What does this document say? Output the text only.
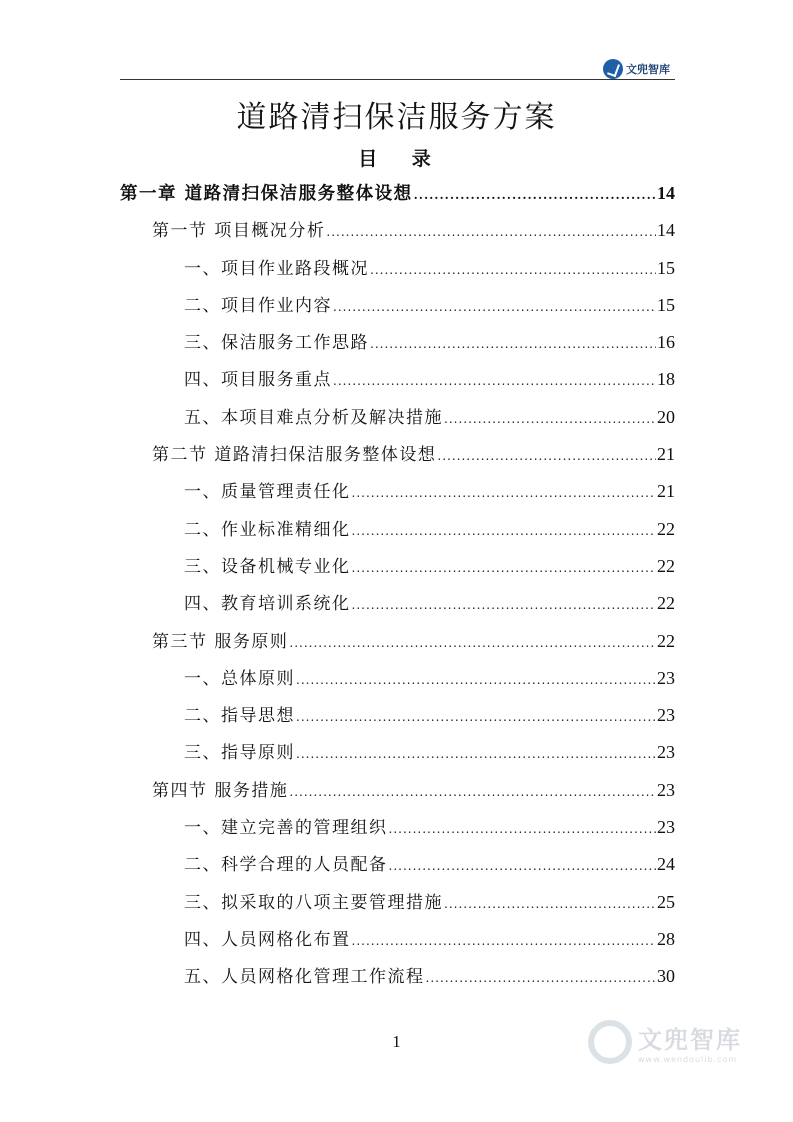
文兜智库
道路清扫保洁服务方案
目 录
第一章 道路清扫保洁服务整体设想 .....	14
第一节 项目概况分析 .....	14
一、项目作业路段概况 .....	15
二、项目作业内容 .....	15
三、保洁服务工作思路 .....	16
四、项目服务重点 .....	18
五、本项目难点分析及解决措施 .....	20
第二节 道路清扫保洁服务整体设想 .....	21
一、质量管理责任化 .....	21
二、作业标准精细化 .....	22
三、设备机械专业化 .....	22
四、教育培训系统化 .....	22
第三节 服务原则 .....	22
一、总体原则 .....	23
二、指导思想 .....	23
三、指导原则 .....	23
第四节 服务措施 .....	23
一、建立完善的管理组织 .....	23
二、科学合理的人员配备 .....	24
三、拟采取的八项主要管理措施 .....	25
四、人员网格化布置 .....	28
五、人员网格化管理工作流程 .....	30
1	文兜智库
www.wendoulib.com
